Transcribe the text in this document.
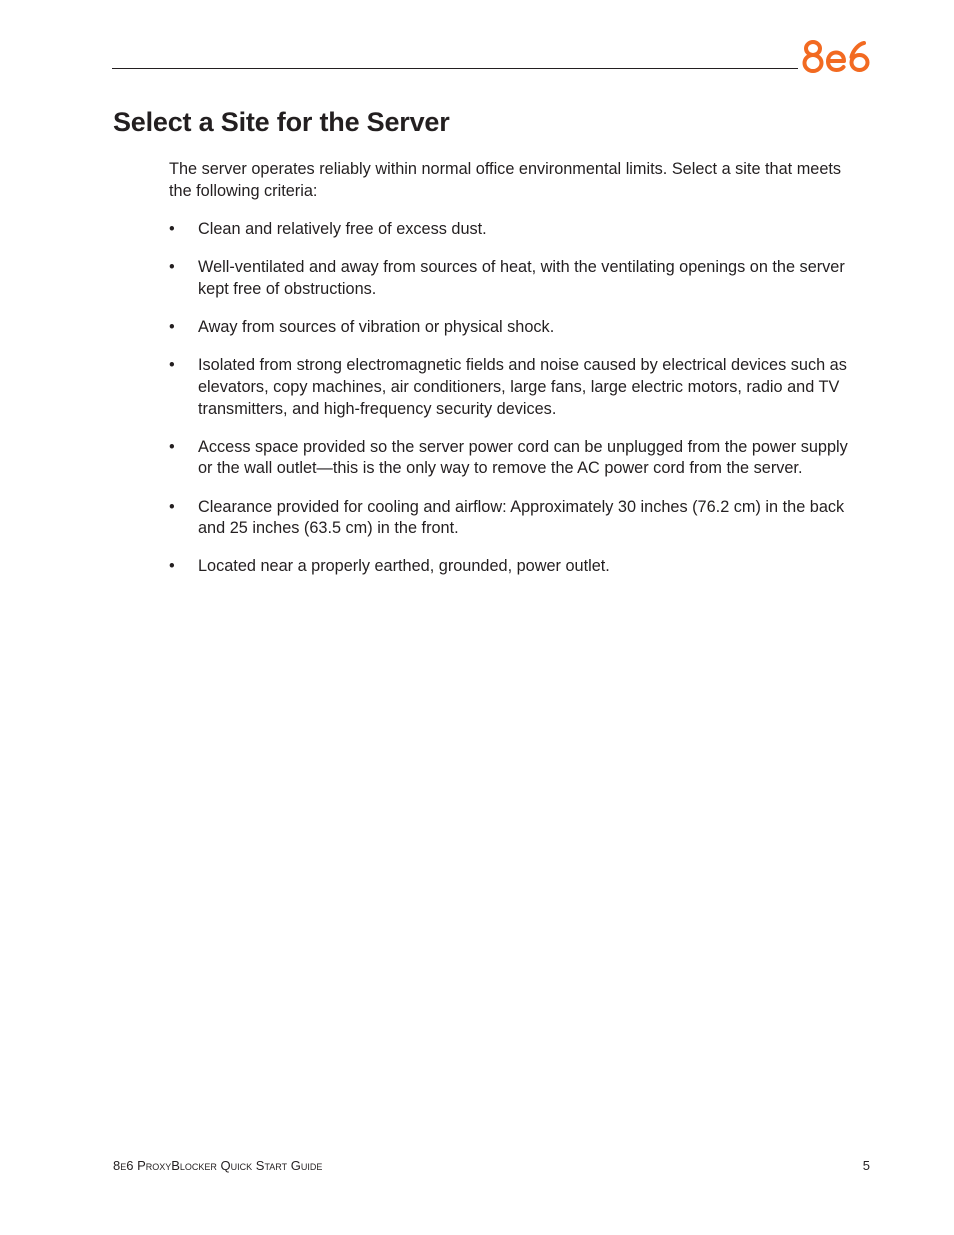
Select a Site for the Server

The server operates reliably within normal office environmental limits. Select a site that meets the following criteria:

• Clean and relatively free of excess dust.
• Well-ventilated and away from sources of heat, with the ventilating openings on the server kept free of obstructions.
• Away from sources of vibration or physical shock.
• Isolated from strong electromagnetic fields and noise caused by electrical devices such as elevators, copy machines, air conditioners, large fans, large electric motors, radio and TV transmitters, and high-frequency security devices.
• Access space provided so the server power cord can be unplugged from the power supply or the wall outlet—this is the only way to remove the AC power cord from the server.
• Clearance provided for cooling and airflow: Approximately 30 inches (76.2 cm) in the back and 25 inches (63.5 cm) in the front.
• Located near a properly earthed, grounded, power outlet.
8e6 ProxyBlocker Quick Start Guide	5
